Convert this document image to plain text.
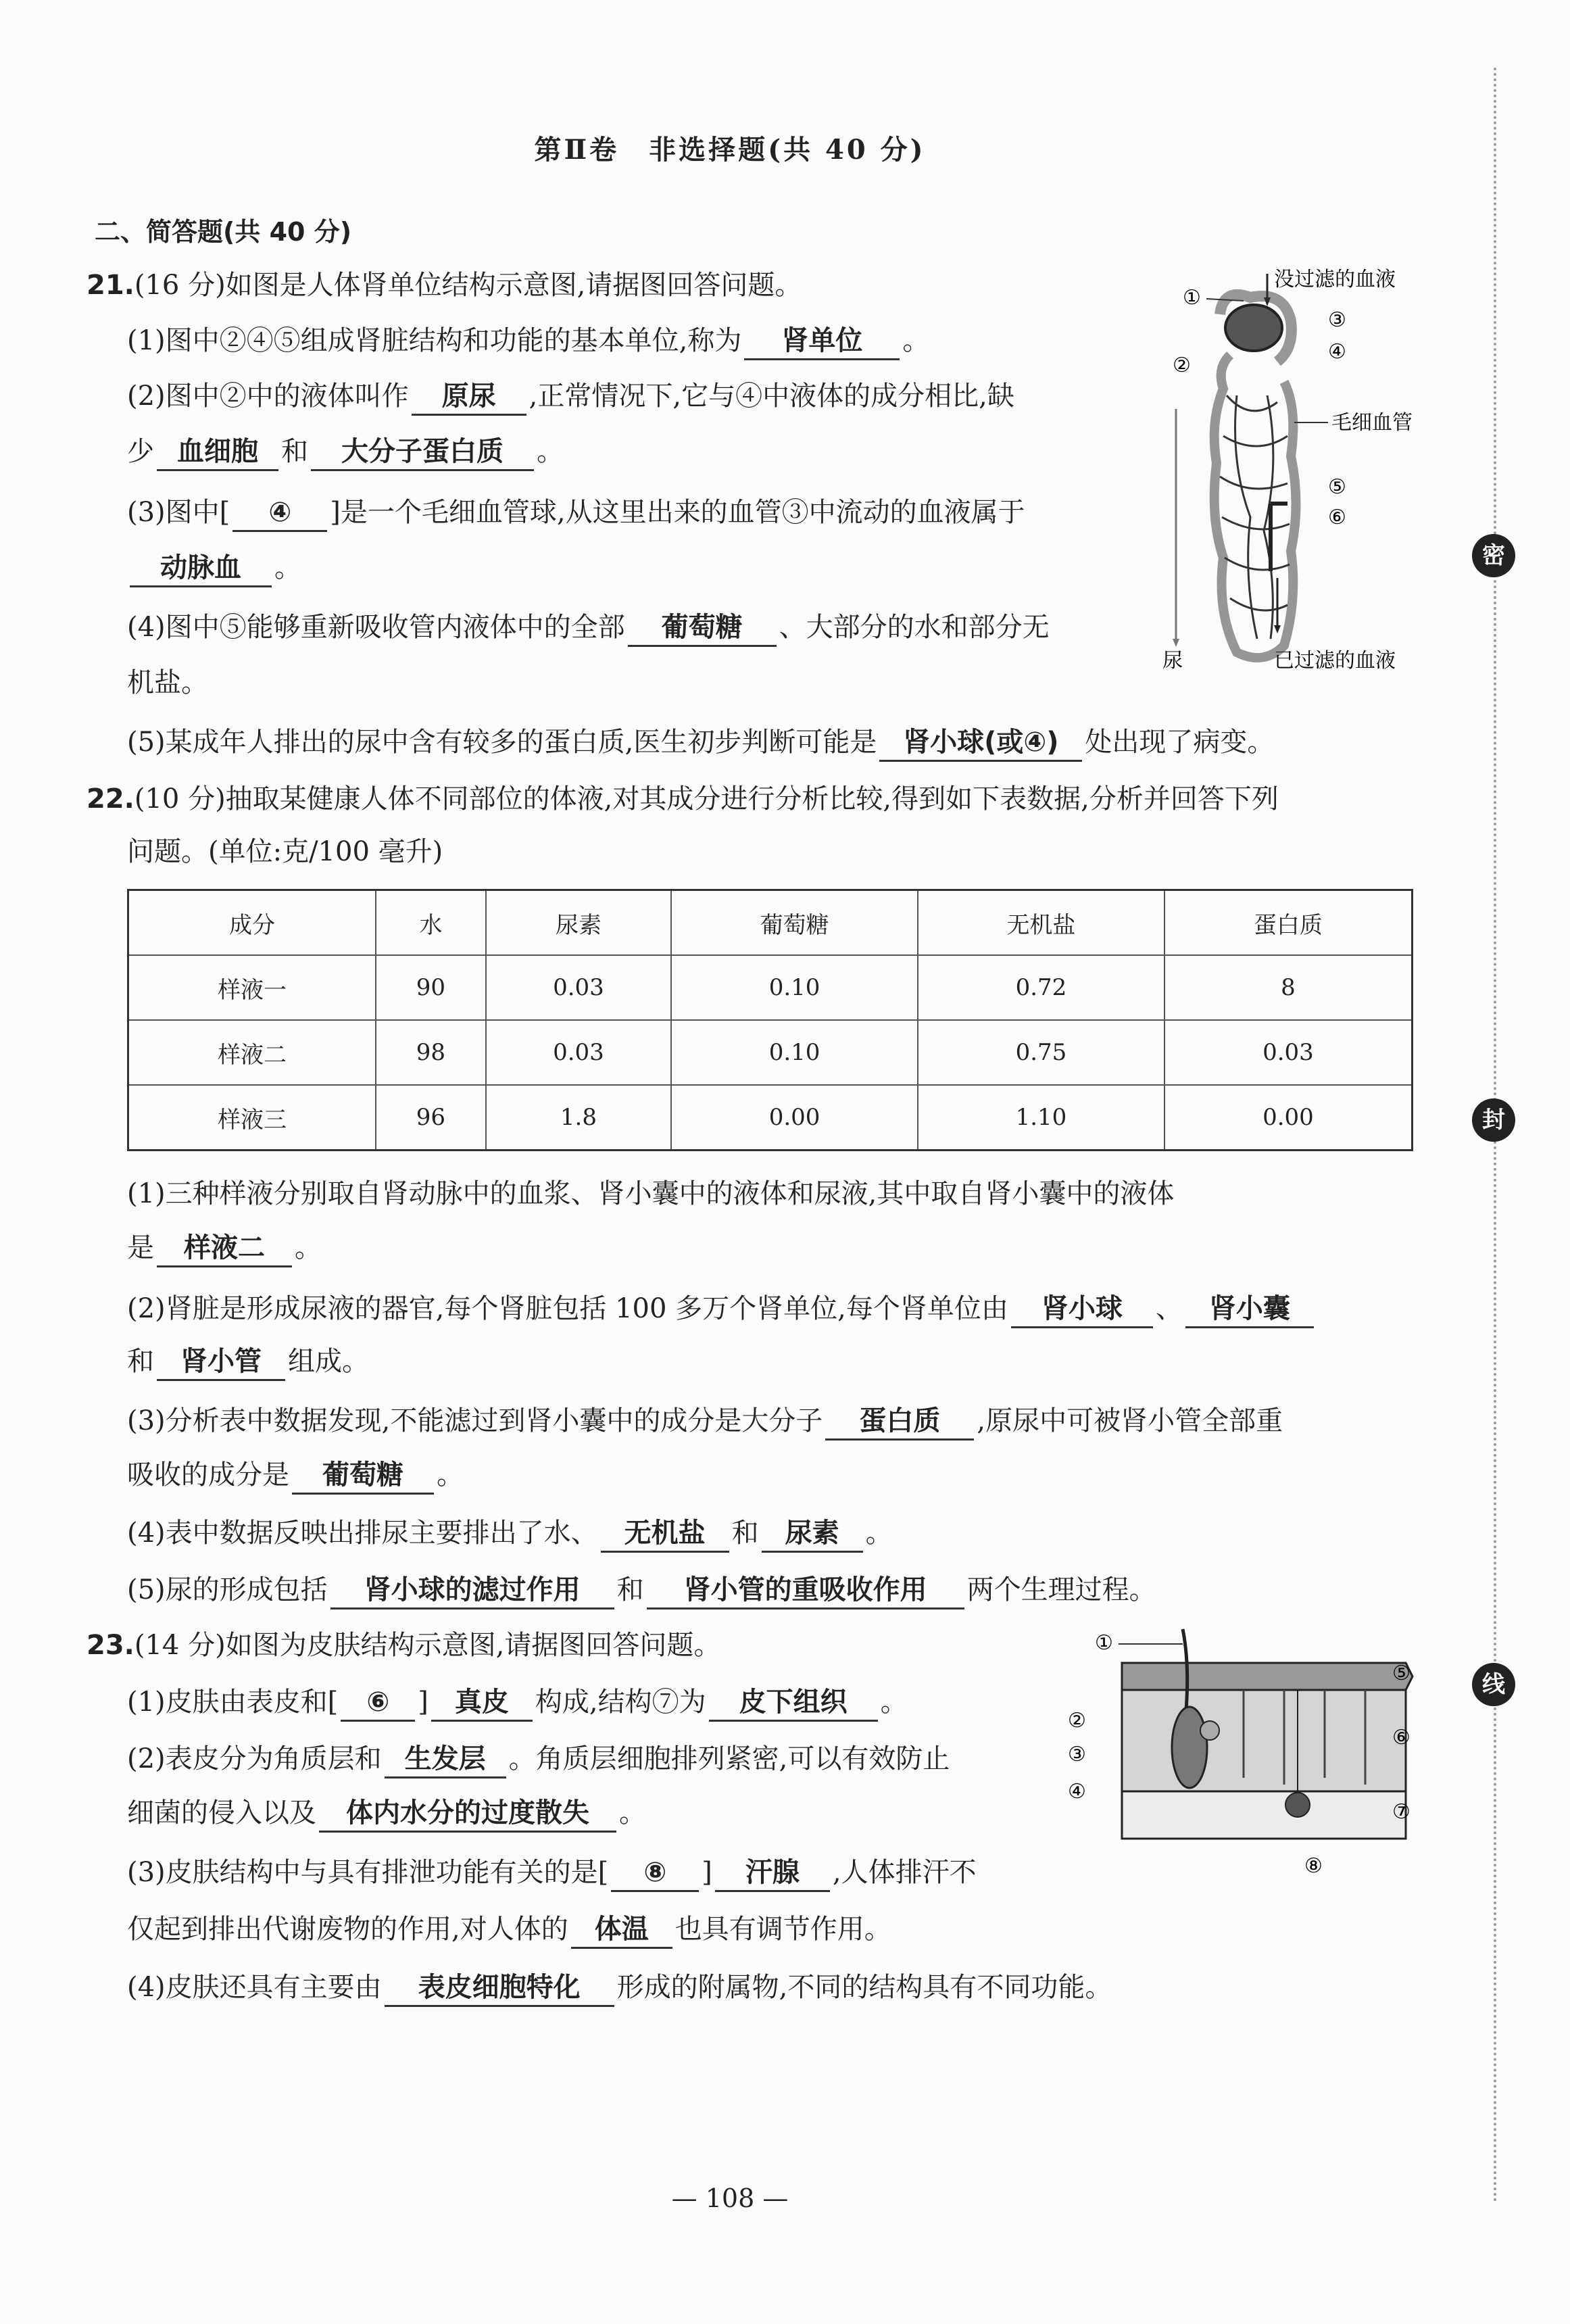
第Ⅱ卷　非选择题(共 40 分)
二、简答题(共 40 分)
21.(16 分)如图是人体肾单位结构示意图,请据图回答问题。
(1)图中②④⑤组成肾脏结构和功能的基本单位,称为 肾单位 。
(2)图中②中的液体叫作 原尿 ,正常情况下,它与④中液体的成分相比,缺
少 血细胞 和 大分子蛋白质 。
(3)图中[ ④ ]是一个毛细血管球,从这里出来的血管③中流动的血液属于
动脉血 。
(4)图中⑤能够重新吸收管内液体中的全部 葡萄糖 、大部分的水和部分无
机盐。
(5)某成年人排出的尿中含有较多的蛋白质,医生初步判断可能是 肾小球(或④) 处出现了病变。
没过滤的血液
①
③
④
②
毛细血管
⑤
⑥
尿	已过滤的血液
22.(10 分)抽取某健康人体不同部位的体液,对其成分进行分析比较,得到如下表数据,分析并回答下列
问题。(单位:克/100 毫升)
成分	水	尿素	葡萄糖	无机盐	蛋白质
样液一	90	0.03	0.10	0.72	8
样液二	98	0.03	0.10	0.75	0.03
样液三	96	1.8	0.00	1.10	0.00
(1)三种样液分别取自肾动脉中的血浆、肾小囊中的液体和尿液,其中取自肾小囊中的液体
是 样液二 。
(2)肾脏是形成尿液的器官,每个肾脏包括 100 多万个肾单位,每个肾单位由 肾小球 、 肾小囊
和 肾小管 组成。
(3)分析表中数据发现,不能滤过到肾小囊中的成分是大分子 蛋白质 ,原尿中可被肾小管全部重
吸收的成分是 葡萄糖 。
(4)表中数据反映出排尿主要排出了水、 无机盐 和 尿素 。
(5)尿的形成包括 肾小球的滤过作用 和 肾小管的重吸收作用 两个生理过程。
23.(14 分)如图为皮肤结构示意图,请据图回答问题。
(1)皮肤由表皮和[ ⑥ ] 真皮 构成,结构⑦为 皮下组织 。
(2)表皮分为角质层和 生发层 。角质层细胞排列紧密,可以有效防止
细菌的侵入以及 体内水分的过度散失 。
(3)皮肤结构中与具有排泄功能有关的是[ ⑧ ] 汗腺 ,人体排汗不
仅起到排出代谢废物的作用,对人体的 体温 也具有调节作用。
(4)皮肤还具有主要由 表皮细胞特化 形成的附属物,不同的结构具有不同功能。
①
②
③
④
⑧
⑤
⑥
⑦
密
封
线
— 108 —
